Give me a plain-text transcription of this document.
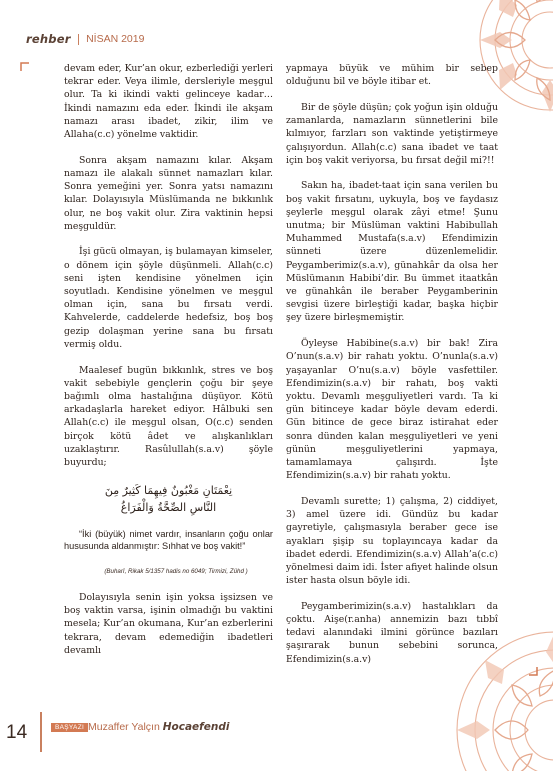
rehber NİSAN 2019

devam eder, Kur’an okur, ezberlediği yerleri tekrar eder. Veya ilimle, dersleriyle meşgul olur. Ta ki ikindi vakti gelinceye kadar… İkindi namazını eda eder. İkindi ile akşam namazı arası ibadet, zikir, ilim ve Allaha(c.c) yönelme vaktidir.

Sonra akşam namazını kılar. Akşam namazı ile alakalı sünnet namazları kılar. Sonra yemeğini yer. Sonra yatsı namazını kılar. Dolayısıyla Müslümanda ne bıkkınlık olur, ne boş vakit olur. Zira vaktinin hepsi meşguldür.

İşi gücü olmayan, iş bulamayan kimseler, o dönem için şöyle düşünmeli. Allah(c.c) seni işten kendisine yönelmen için soyutladı. Kendisine yönelmen ve meşgul olman için, sana bu fırsatı verdi. Kahvelerde, caddelerde hedefsiz, boş boş gezip dolaşman yerine sana bu fırsatı vermiş oldu.

Maalesef bugün bıkkınlık, stres ve boş vakit sebebiyle gençlerin çoğu bir şeye bağımlı olma hastalığına düşüyor. Kötü arkadaşlarla hareket ediyor. Hâlbuki sen Allah(c.c) ile meşgul olsan, O(c.c) senden birçok kötü âdet ve alışkanlıkları uzaklaştırır. Rasûlullah(s.a.v) şöyle buyurdu;

نِعْمَتَانِ مَغْبُونٌ فِيهِمَا كَثِيرٌ مِنَ
النَّاسِ الصِّحَّةُ وَالْفَرَاغُ

“İki (büyük) nimet vardır, insanların çoğu onlar hususunda aldanmıştır: Sıhhat ve boş vakit!”

(Buharî, Rikak 5/1357 hadis no 6049; Tirmizi, Zühd )

Dolayısıyla senin işin yoksa işsizsen ve boş vaktin varsa, işinin olmadığı bu vaktini mesela; Kur’an okumana, Kur’an ezberlerini tekrara, devam edemediğin ibadetleri devamlı

yapmaya büyük ve mühim bir sebep olduğunu bil ve böyle itibar et.

Bir de şöyle düşün; çok yoğun işin olduğu zamanlarda, namazların sünnetlerini bile kılmıyor, farzları son vaktinde yetiştirmeye çalışıyordun. Allah(c.c) sana ibadet ve taat için boş vakit veriyorsa, bu fırsat değil mi?!!

Sakın ha, ibadet-taat için sana verilen bu boş vakit fırsatını, uykuyla, boş ve faydasız şeylerle meşgul olarak zâyi etme! Şunu unutma; bir Müslüman vaktini Habibullah Muhammed Mustafa(s.a.v) Efendimizin sünneti üzere düzenlemelidir. Peygamberimiz(s.a.v), günahkâr da olsa her Müslümanın Habibi’dir. Bu ümmet itaatkân ve günahkân ile beraber Peygamberinin sevgisi üzere birleştiği kadar, başka hiçbir şey üzere birleşmemiştir.

Öyleyse Habibine(s.a.v) bir bak! Zira O’nun(s.a.v) bir rahatı yoktu. O’nunla(s.a.v) yaşayanlar O’nu(s.a.v) böyle vasfettiler. Efendimizin(s.a.v) bir rahatı, boş vakti yoktu. Devamlı meşguliyetleri vardı. Ta ki gün bitinceye kadar böyle devam ederdi. Gün bitince de gece biraz istirahat eder sonra dünden kalan meşguliyetleri ve yeni günün meşguliyetlerini yapmaya, tamamlamaya çalışırdı. İşte Efendimizin(s.a.v) bir rahatı yoktu.

Devamlı surette; 1) çalışma, 2) ciddiyet, 3) amel üzere idi. Gündüz bu kadar gayretiyle, çalışmasıyla beraber gece ise ayakları şişip su toplayıncaya kadar da ibadet ederdi. Efendimizin(s.a.v) Allah’a(c.c) yönelmesi daim idi. İster afiyet halinde olsun ister hasta olsun böyle idi.

Peygamberimizin(s.a.v) hastalıkları da çoktu. Aişe(r.anha) annemizin bazı tıbbî tedavi alanındaki ilmini görünce bazıları şaşırarak bunun sebebini sorunca, Efendimizin(s.a.v)

14	BAŞYAZI Muzaffer Yalçın Hocaefendi
